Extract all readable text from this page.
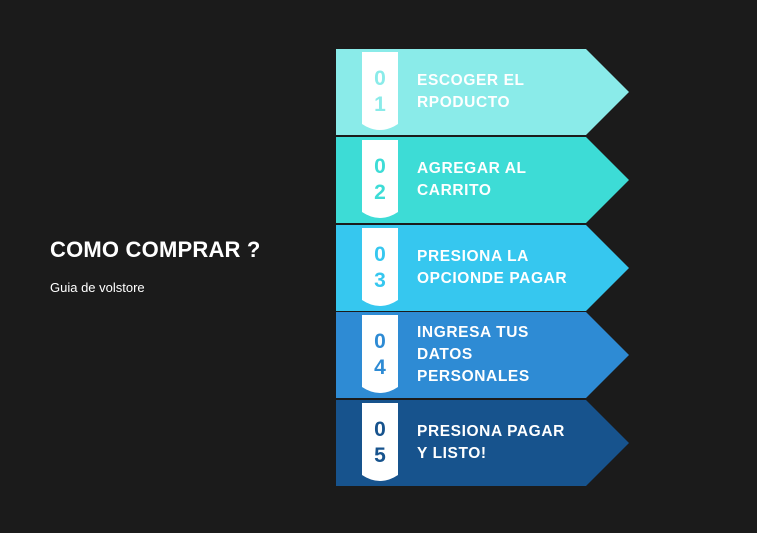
COMO COMPRAR ?
Guia de volstore
0
1
ESCOGER EL
RPODUCTO
0
2
AGREGAR AL
CARRITO
0
3
PRESIONA LA
OPCIONDE PAGAR
0
4
INGRESA TUS
DATOS
PERSONALES
0
5
PRESIONA PAGAR
Y LISTO!
